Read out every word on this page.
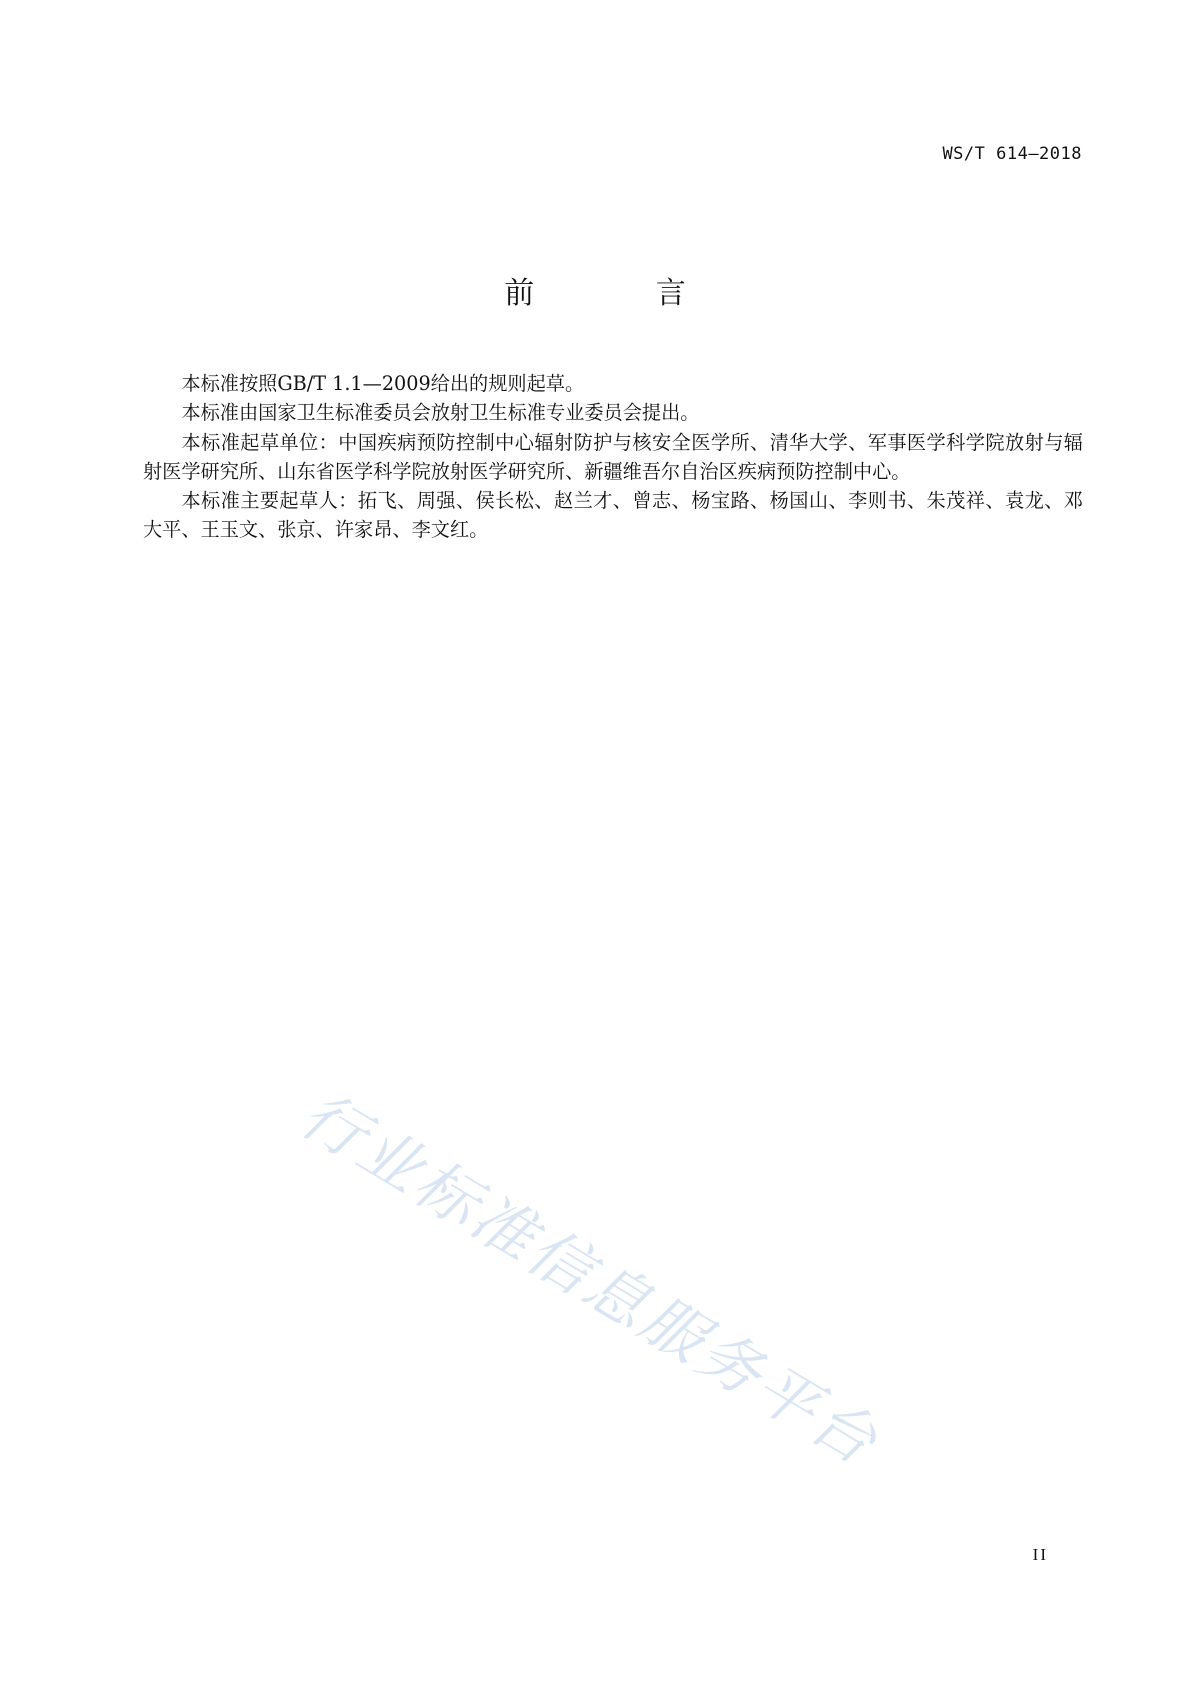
WS/T 614—2018
前 言

本标准按照GB/T 1.1—2009给出的规则起草。

本标准由国家卫生标准委员会放射卫生标准专业委员会提出。

本标准起草单位：中国疾病预防控制中心辐射防护与核安全医学所、清华大学、军事医学科学院放射与辐射医学研究所、山东省医学科学院放射医学研究所、新疆维吾尔自治区疾病预防控制中心。

本标准主要起草人：拓飞、周强、侯长松、赵兰才、曾志、杨宝路、杨国山、李则书、朱茂祥、袁龙、邓大平、王玉文、张京、许家昂、李文红。

行业标准信息服务平台
II
